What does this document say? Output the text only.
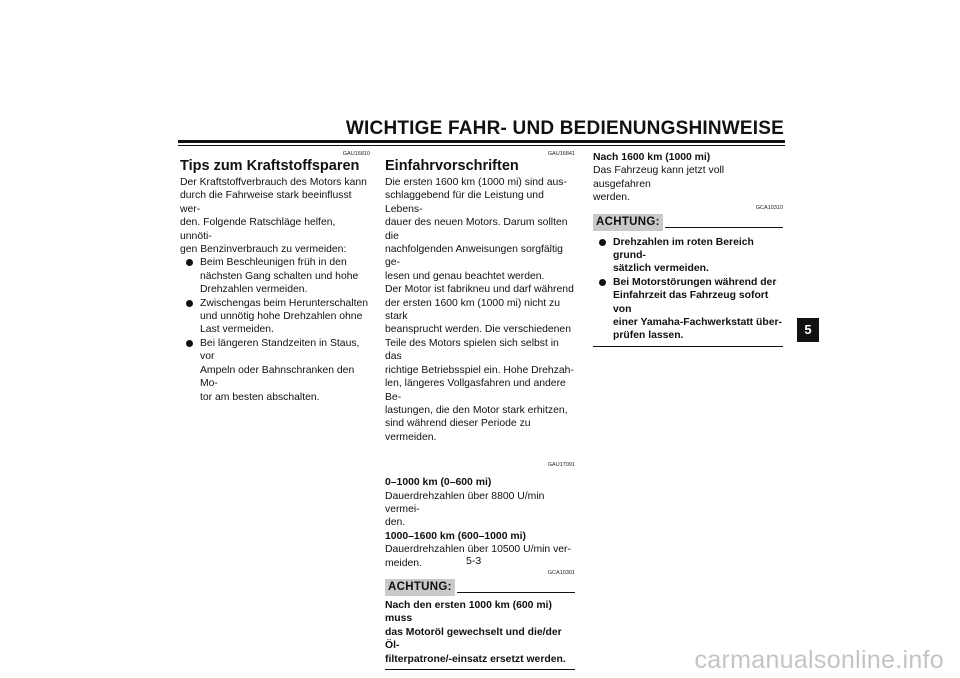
WICHTIGE FAHR- UND BEDIENUNGSHINWEISE
GAU16810
Tips zum Kraftstoffsparen

Der Kraftstoffverbrauch des Motors kann
durch die Fahrweise stark beeinflusst wer-
den. Folgende Ratschläge helfen, unnöti-
gen Benzinverbrauch zu vermeiden:

Beim Beschleunigen früh in den
nächsten Gang schalten und hohe
Drehzahlen vermeiden.
Zwischengas beim Herunterschalten
und unnötig hohe Drehzahlen ohne
Last vermeiden.
Bei längeren Standzeiten in Staus, vor
Ampeln oder Bahnschranken den Mo-
tor am besten abschalten.
GAU16841
Einfahrvorschriften

Die ersten 1600 km (1000 mi) sind aus-
schlaggebend für die Leistung und Lebens-
dauer des neuen Motors. Darum sollten die
nachfolgenden Anweisungen sorgfältig ge-
lesen und genau beachtet werden.
Der Motor ist fabrikneu und darf während
der ersten 1600 km (1000 mi) nicht zu stark
beansprucht werden. Die verschiedenen
Teile des Motors spielen sich selbst in das
richtige Betriebsspiel ein. Hohe Drehzah-
len, längeres Vollgasfahren und andere Be-
lastungen, die den Motor stark erhitzen,
sind während dieser Periode zu vermeiden.

GAU17091
0–1000 km (0–600 mi)

Dauerdrehzahlen über 8800 U/min vermei-
den.

1000–1600 km (600–1000 mi)

Dauerdrehzahlen über 10500 U/min ver-
meiden.

GCA10301
ACHTUNG:
Nach den ersten 1000 km (600 mi) muss
das Motoröl gewechselt und die/der Öl-
filterpatrone/-einsatz ersetzt werden.
Nach 1600 km (1000 mi)

Das Fahrzeug kann jetzt voll ausgefahren
werden.

GCA10310
ACHTUNG:
Drehzahlen im roten Bereich grund-
sätzlich vermeiden.
Bei Motorstörungen während der
Einfahrzeit das Fahrzeug sofort von
einer Yamaha-Fachwerkstatt über-
prüfen lassen.	5
5-3
carmanualsonline.info
